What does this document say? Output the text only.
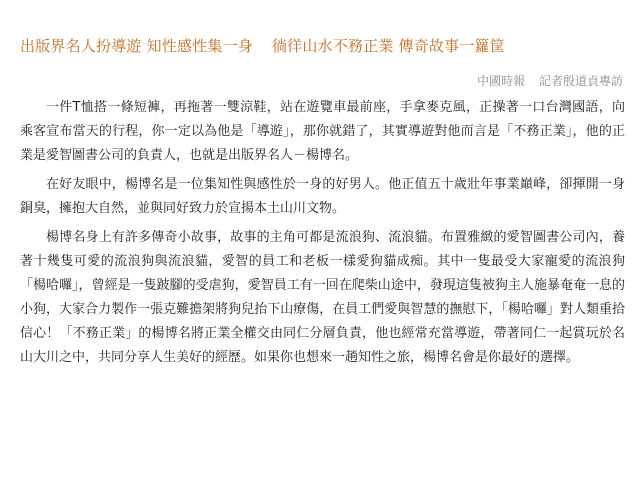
出版界名人扮導遊 知性感性集一身 徜徉山水不務正業 傳奇故事一籮筐
中國時報 記者殷道貞專訪

一件T恤搭一條短褲，再拖著一雙涼鞋，站在遊覽車最前座，手拿麥克風，正操著一口台灣國語，向乘客宣布當天的行程，你一定以為他是「導遊」，那你就錯了，其實導遊對他而言是「不務正業」，他的正業是愛智圖書公司的負責人，也就是出版界名人－楊博名。

在好友眼中，楊博名是一位集知性與感性於一身的好男人。他正值五十歲壯年事業巔峰，卻揮開一身銅臭，擁抱大自然，並與同好致力於宣揚本土山川文物。

楊博名身上有許多傳奇小故事，故事的主角可都是流浪狗、流浪貓。布置雅緻的愛智圖書公司內，養著十幾隻可愛的流浪狗與流浪貓，愛智的員工和老板一樣愛狗貓成痴。其中一隻最受大家寵愛的流浪狗「楊哈囉」，曾經是一隻跛腳的受虐狗，愛智員工有一回在爬柴山途中，發現這隻被狗主人施暴奄奄一息的小狗，大家合力製作一張克難擔架將狗兒抬下山療傷，在員工們愛與智慧的撫慰下，「楊哈囉」對人類重拾信心！「不務正業」的楊博名將正業全權交由同仁分層負責，他也經常充當導遊，帶著同仁一起賞玩於名山大川之中，共同分享人生美好的經歷。如果你也想來一趟知性之旅，楊博名會是你最好的選擇。
